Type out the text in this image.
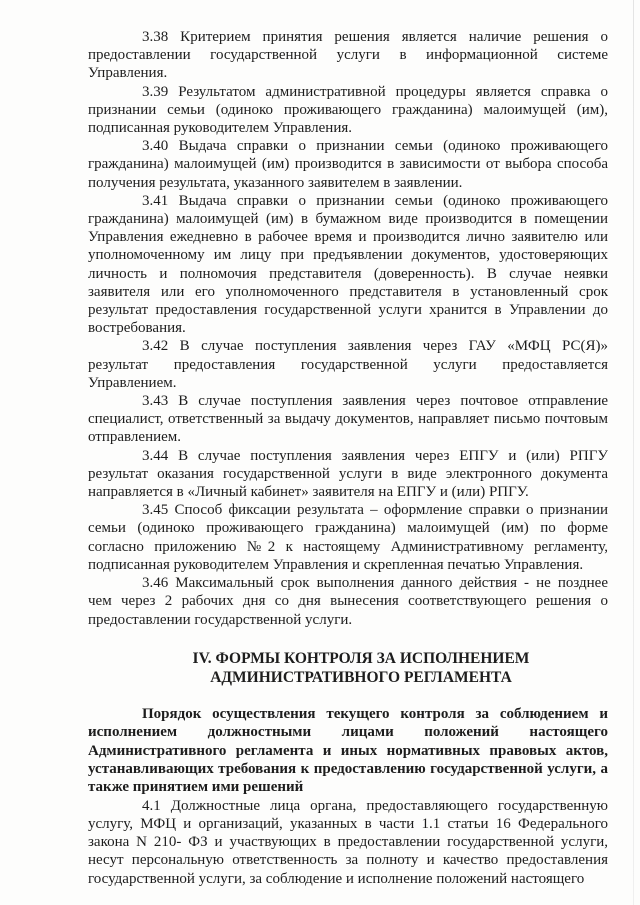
3.38 Критерием принятия решения является наличие решения о предоставлении государственной услуги в информационной системе Управления.

3.39 Результатом административной процедуры является справка о признании семьи (одиноко проживающего гражданина) малоимущей (им), подписанная руководителем Управления.

3.40 Выдача справки о признании семьи (одиноко проживающего гражданина) малоимущей (им) производится в зависимости от выбора способа получения результата, указанного заявителем в заявлении.

3.41 Выдача справки о признании семьи (одиноко проживающего гражданина) малоимущей (им) в бумажном виде производится в помещении Управления ежедневно в рабочее время и производится лично заявителю или уполномоченному им лицу при предъявлении документов, удостоверяющих личность и полномочия представителя (доверенность). В случае неявки заявителя или его уполномоченного представителя в установленный срок результат предоставления государственной услуги хранится в Управлении до востребования.

3.42 В случае поступления заявления через ГАУ «МФЦ РС(Я)» результат предоставления государственной услуги предоставляется Управлением.

3.43 В случае поступления заявления через почтовое отправление специалист, ответственный за выдачу документов, направляет письмо почтовым отправлением.

3.44 В случае поступления заявления через ЕПГУ и (или) РПГУ результат оказания государственной услуги в виде электронного документа направляется в «Личный кабинет» заявителя на ЕПГУ и (или) РПГУ.

3.45 Способ фиксации результата – оформление справки о признании семьи (одиноко проживающего гражданина) малоимущей (им) по форме согласно приложению №2 к настоящему Административному регламенту, подписанная руководителем Управления и скрепленная печатью Управления.

3.46 Максимальный срок выполнения данного действия - не позднее чем через 2 рабочих дня со дня вынесения соответствующего решения о предоставлении государственной услуги.

IV. ФОРМЫ КОНТРОЛЯ ЗА ИСПОЛНЕНИЕМ
АДМИНИСТРАТИВНОГО РЕГЛАМЕНТА

Порядок осуществления текущего контроля за соблюдением и исполнением должностными лицами положений настоящего Административного регламента и иных нормативных правовых актов, устанавливающих требования к предоставлению государственной услуги, а также принятием ими решений

4.1 Должностные лица органа, предоставляющего государственную услугу, МФЦ и организаций, указанных в части 1.1 статьи 16 Федерального закона N 210- ФЗ и участвующих в предоставлении государственной услуги, несут персональную ответственность за полноту и качество предоставления государственной услуги, за соблюдение и исполнение положений настоящего
